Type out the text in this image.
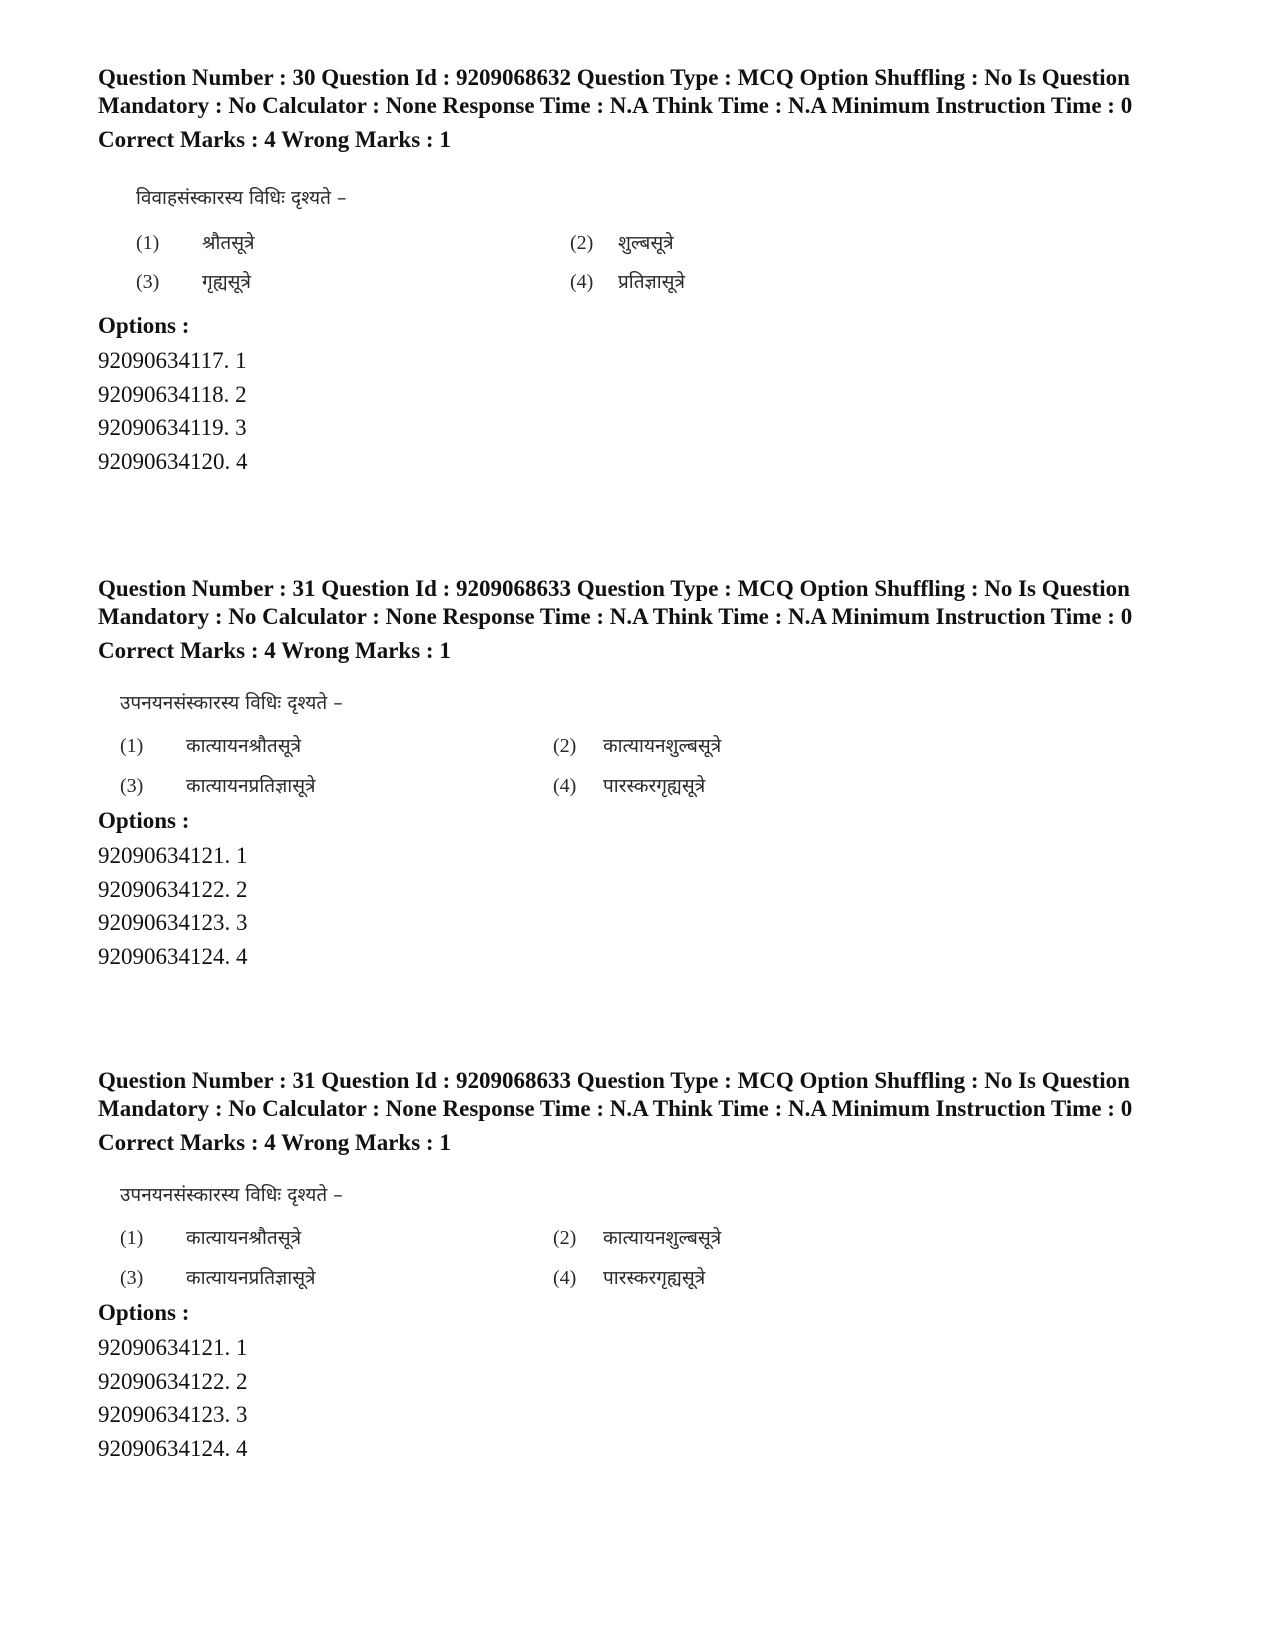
Question Number : 30 Question Id : 9209068632 Question Type : MCQ Option Shuffling : No Is Question Mandatory : No Calculator : None Response Time : N.A Think Time : N.A Minimum Instruction Time : 0

Correct Marks : 4 Wrong Marks : 1

विवाहसंस्कारस्य विधिः दृश्यते –
(1) श्रौतसूत्रे	(2) शुल्बसूत्रे
(3) गृह्यसूत्रे	(4) प्रतिज्ञासूत्रे

Options :

92090634117. 1
92090634118. 2
92090634119. 3
92090634120. 4

Question Number : 31 Question Id : 9209068633 Question Type : MCQ Option Shuffling : No Is Question Mandatory : No Calculator : None Response Time : N.A Think Time : N.A Minimum Instruction Time : 0

Correct Marks : 4 Wrong Marks : 1

उपनयनसंस्कारस्य विधिः दृश्यते –
(1) कात्यायनश्रौतसूत्रे	(2) कात्यायनशुल्बसूत्रे
(3) कात्यायनप्रतिज्ञासूत्रे	(4) पारस्करगृह्यसूत्रे

Options :

92090634121. 1
92090634122. 2
92090634123. 3
92090634124. 4

Question Number : 31 Question Id : 9209068633 Question Type : MCQ Option Shuffling : No Is Question Mandatory : No Calculator : None Response Time : N.A Think Time : N.A Minimum Instruction Time : 0

Correct Marks : 4 Wrong Marks : 1

उपनयनसंस्कारस्य विधिः दृश्यते –
(1) कात्यायनश्रौतसूत्रे	(2) कात्यायनशुल्बसूत्रे
(3) कात्यायनप्रतिज्ञासूत्रे	(4) पारस्करगृह्यसूत्रे

Options :

92090634121. 1
92090634122. 2
92090634123. 3
92090634124. 4
